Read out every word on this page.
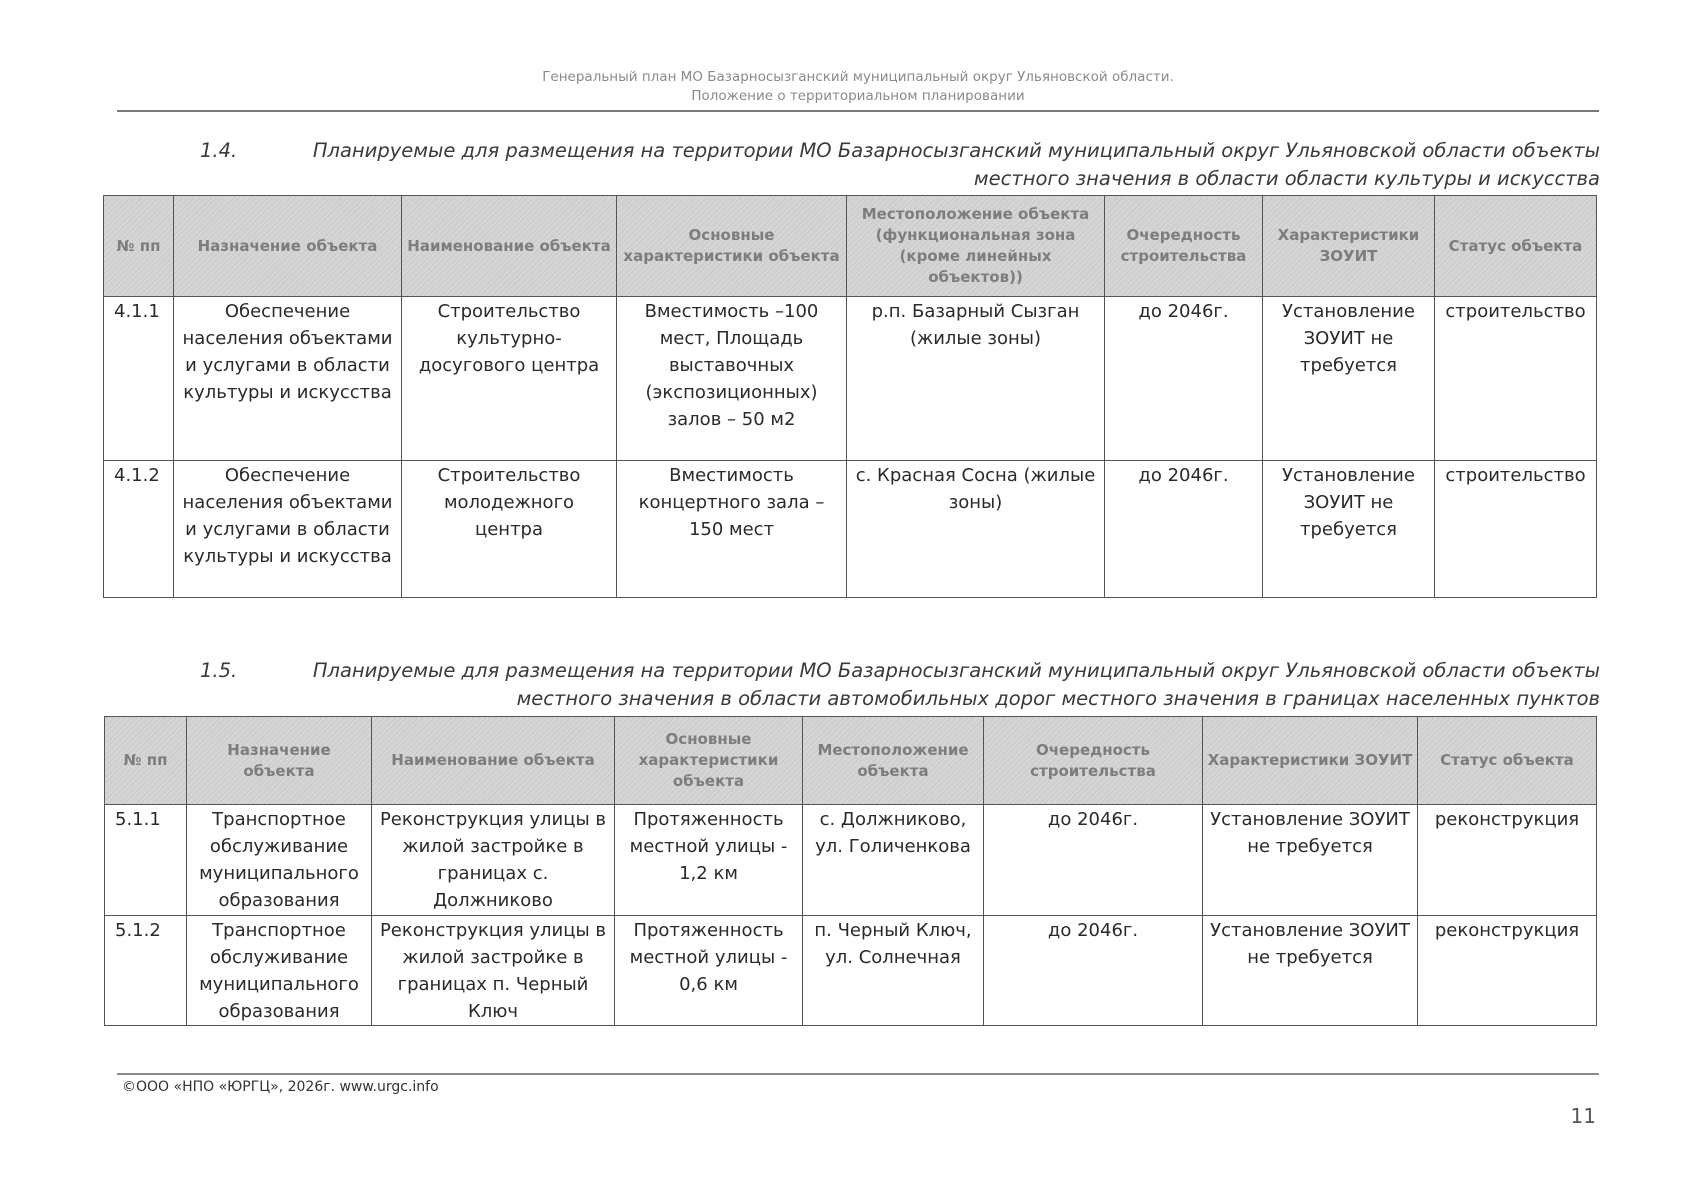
Генеральный план МО Базарносызганский муниципальный округ Ульяновской области.
Положение о территориальном планировании
1.4.	Планируемые для размещения на территории МО Базарносызганский муниципальный округ Ульяновской области объекты
местного значения в области области культуры и искусства
№ пп	Назначение объекта	Наименование объекта	Основные характеристики объекта	Местоположение объекта (функциональная зона (кроме линейных объектов))	Очередность строительства	Характеристики ЗОУИТ	Статус объекта
4.1.1	Обеспечение населения объектами и услугами в области культуры и искусства	Строительство культурно-досугового центра	Вместимость –100 мест, Площадь выставочных (экспозиционных) залов – 50 м2	р.п. Базарный Сызган (жилые зоны)	до 2046г.	Установление ЗОУИТ не требуется	строительство
4.1.2	Обеспечение населения объектами и услугами в области культуры и искусства	Строительство молодежного центра	Вместимость концертного зала – 150 мест	с. Красная Сосна (жилые зоны)	до 2046г.	Установление ЗОУИТ не требуется	строительство
1.5.	Планируемые для размещения на территории МО Базарносызганский муниципальный округ Ульяновской области объекты
местного значения в области автомобильных дорог местного значения в границах населенных пунктов
№ пп	Назначение объекта	Наименование объекта	Основные характеристики объекта	Местоположение объекта	Очередность строительства	Характеристики ЗОУИТ	Статус объекта
5.1.1	Транспортное обслуживание муниципального образования	Реконструкция улицы в жилой застройке в границах с. Должниково	Протяженность местной улицы - 1,2 км	с. Должниково, ул. Голиченкова	до 2046г.	Установление ЗОУИТ не требуется	реконструкция
5.1.2	Транспортное обслуживание муниципального образования	Реконструкция улицы в жилой застройке в границах п. Черный Ключ	Протяженность местной улицы - 0,6 км	п. Черный Ключ, ул. Солнечная	до 2046г.	Установление ЗОУИТ не требуется	реконструкция
©ООО «НПО «ЮРГЦ», 2026г. www.urgc.info
11
